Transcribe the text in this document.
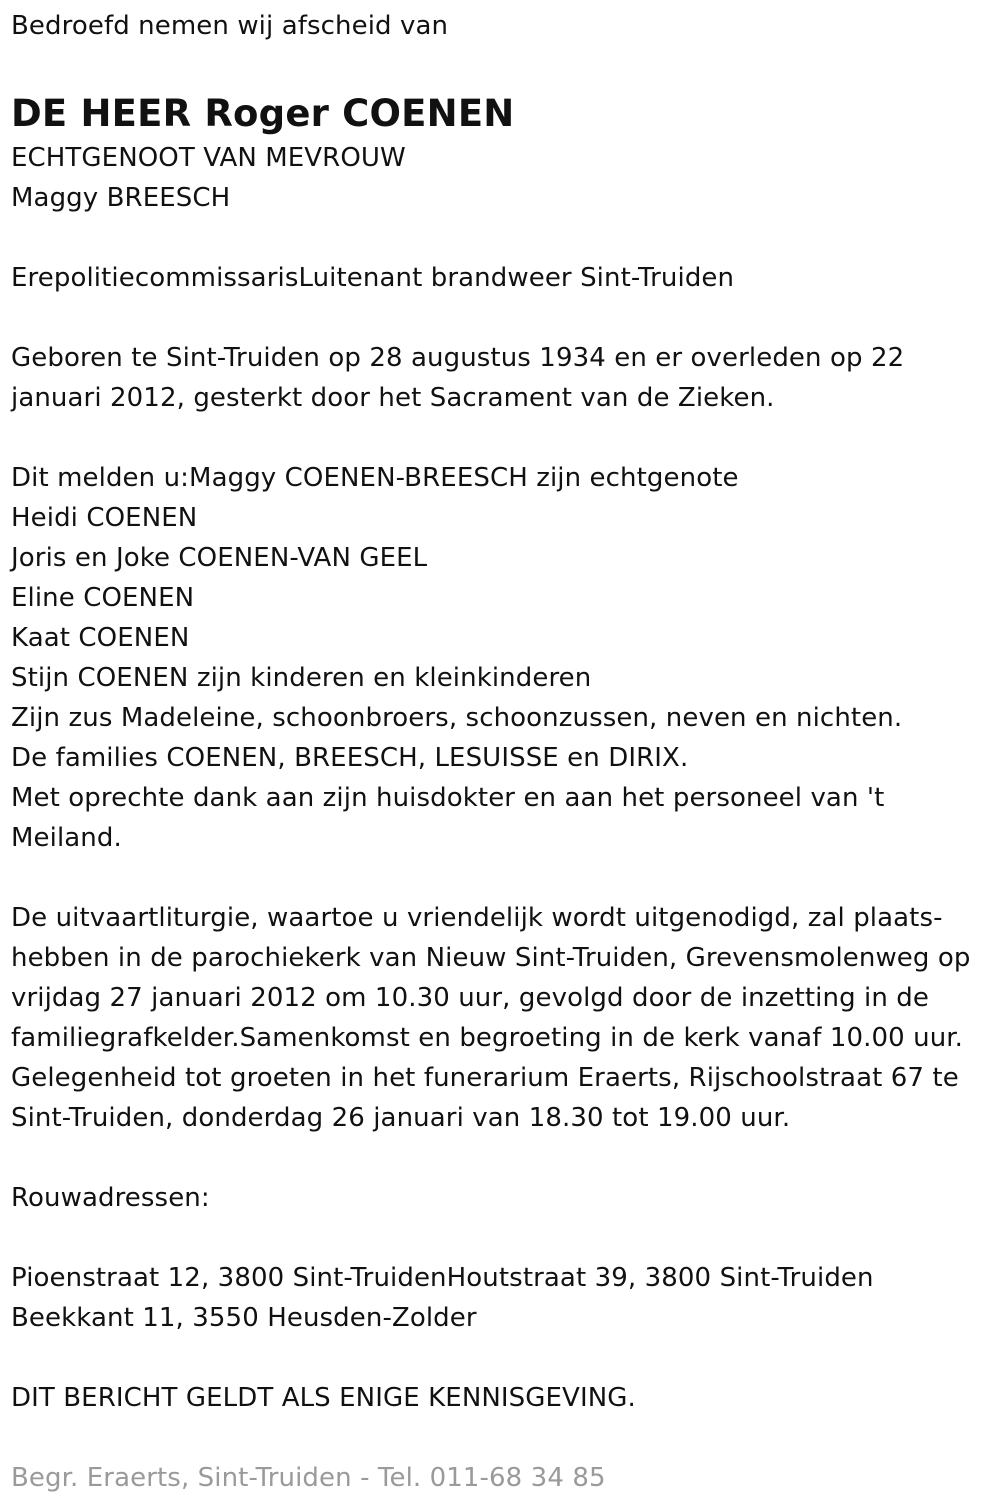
Bedroefd nemen wij afscheid van
DE HEER Roger COENEN
ECHTGENOOT VAN MEVROUW
Maggy BREESCH
ErepolitiecommissarisLuitenant brandweer Sint-Truiden
Geboren te Sint-Truiden op 28 augustus 1934 en er overleden op 22
januari 2012, gesterkt door het Sacrament van de Zieken.
Dit melden u:Maggy COENEN-BREESCH zijn echtgenote
Heidi COENEN
Joris en Joke COENEN-VAN GEEL
Eline COENEN
Kaat COENEN
Stijn COENEN zijn kinderen en kleinkinderen
Zijn zus Madeleine, schoonbroers, schoonzussen, neven en nichten.
De families COENEN, BREESCH, LESUISSE en DIRIX.
Met oprechte dank aan zijn huisdokter en aan het personeel van 't
Meiland.
De uitvaartliturgie, waartoe u vriendelijk wordt uitgenodigd, zal plaats-
hebben in de parochiekerk van Nieuw Sint-Truiden, Grevensmolenweg op
vrijdag 27 januari 2012 om 10.30 uur, gevolgd door de inzetting in de
familiegrafkelder.Samenkomst en begroeting in de kerk vanaf 10.00 uur.
Gelegenheid tot groeten in het funerarium Eraerts, Rijschoolstraat 67 te
Sint-Truiden, donderdag 26 januari van 18.30 tot 19.00 uur.
Rouwadressen:
Pioenstraat 12, 3800 Sint-TruidenHoutstraat 39, 3800 Sint-Truiden
Beekkant 11, 3550 Heusden-Zolder
DIT BERICHT GELDT ALS ENIGE KENNISGEVING.
Begr. Eraerts, Sint-Truiden - Tel. 011-68 34 85
